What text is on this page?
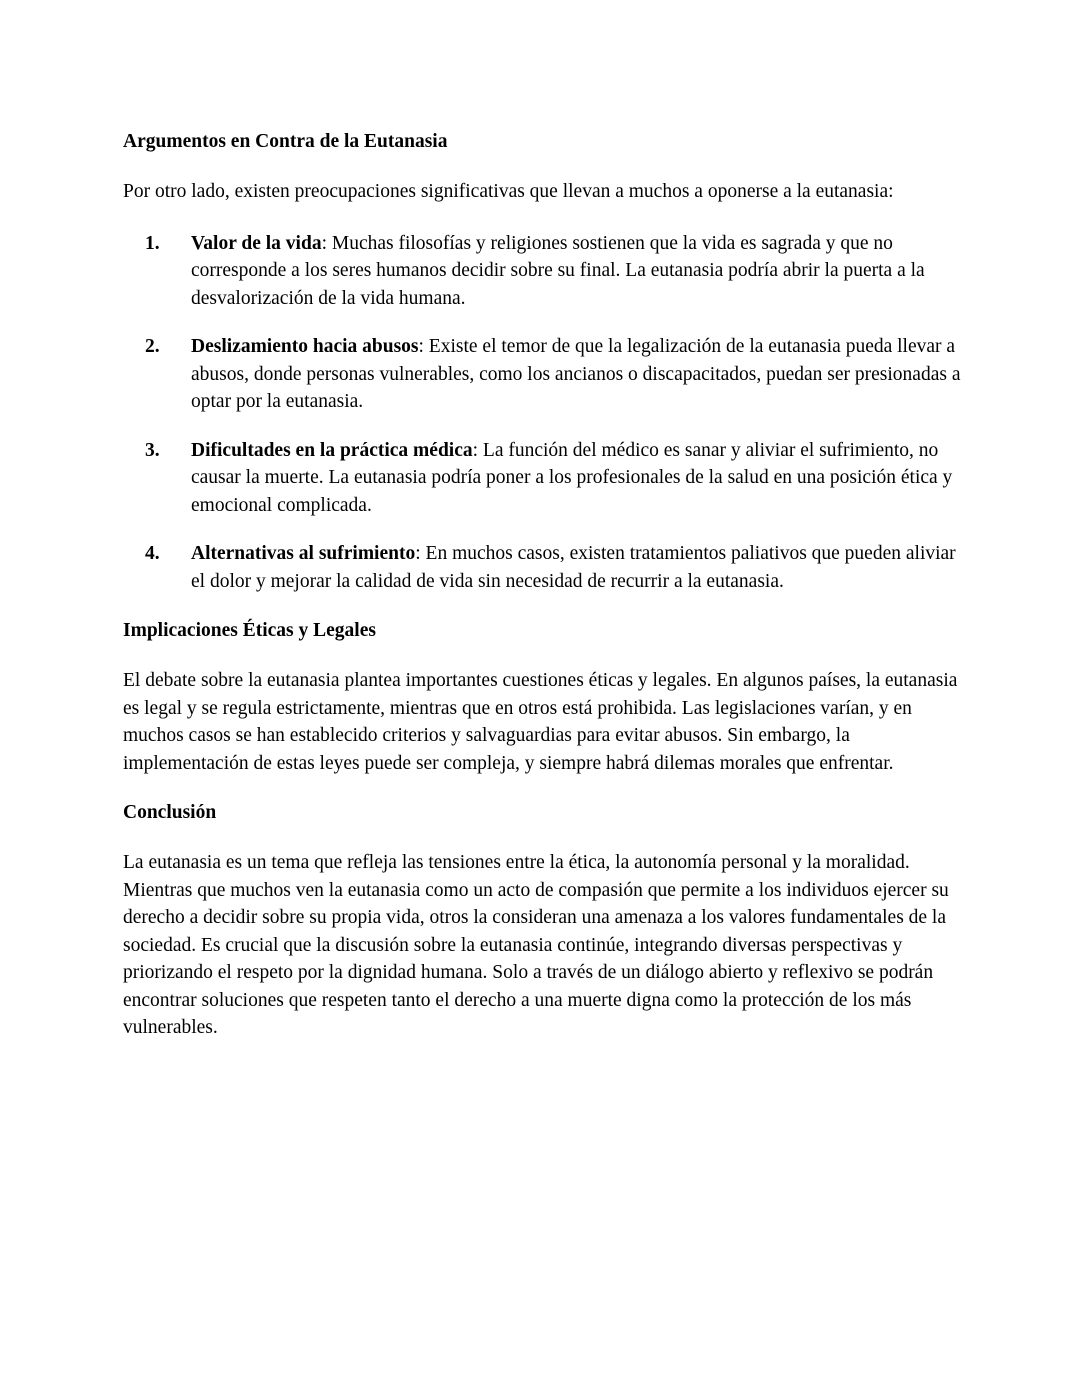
Argumentos en Contra de la Eutanasia

Por otro lado, existen preocupaciones significativas que llevan a muchos a oponerse a la eutanasia:

1.	Valor de la vida: Muchas filosofías y religiones sostienen que la vida es sagrada y que no corresponde a los seres humanos decidir sobre su final. La eutanasia podría abrir la puerta a la desvalorización de la vida humana.
2.	Deslizamiento hacia abusos: Existe el temor de que la legalización de la eutanasia pueda llevar a abusos, donde personas vulnerables, como los ancianos o discapacitados, puedan ser presionadas a optar por la eutanasia.
3.	Dificultades en la práctica médica: La función del médico es sanar y aliviar el sufrimiento, no causar la muerte. La eutanasia podría poner a los profesionales de la salud en una posición ética y emocional complicada.
4.	Alternativas al sufrimiento: En muchos casos, existen tratamientos paliativos que pueden aliviar el dolor y mejorar la calidad de vida sin necesidad de recurrir a la eutanasia.
Implicaciones Éticas y Legales

El debate sobre la eutanasia plantea importantes cuestiones éticas y legales. En algunos países, la eutanasia es legal y se regula estrictamente, mientras que en otros está prohibida. Las legislaciones varían, y en muchos casos se han establecido criterios y salvaguardias para evitar abusos. Sin embargo, la implementación de estas leyes puede ser compleja, y siempre habrá dilemas morales que enfrentar.

Conclusión

La eutanasia es un tema que refleja las tensiones entre la ética, la autonomía personal y la moralidad. Mientras que muchos ven la eutanasia como un acto de compasión que permite a los individuos ejercer su derecho a decidir sobre su propia vida, otros la consideran una amenaza a los valores fundamentales de la sociedad. Es crucial que la discusión sobre la eutanasia continúe, integrando diversas perspectivas y priorizando el respeto por la dignidad humana. Solo a través de un diálogo abierto y reflexivo se podrán encontrar soluciones que respeten tanto el derecho a una muerte digna como la protección de los más vulnerables.
